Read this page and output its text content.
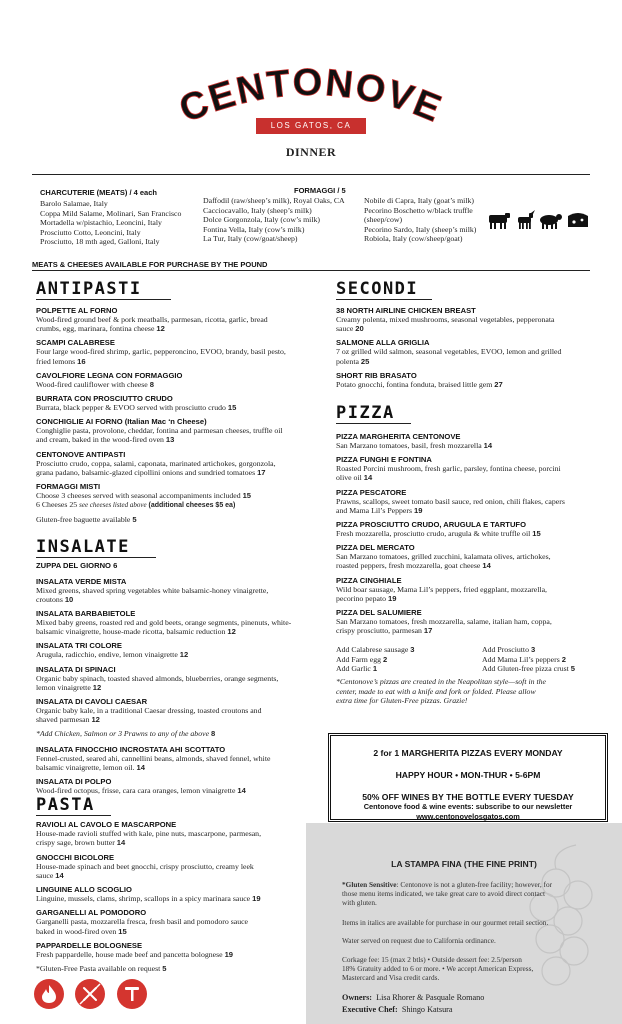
CENTONOVE
LOS GATOS, CA
DINNER
CHARCUTERIE (MEATS) / 4 each
Barolo Salamae, Italy
Coppa Mild Salame, Molinari, San Francisco
Mortadella w/pistachio, Leoncini, Italy
Prosciutto Cotto, Leoncini, Italy
Prosciutto, 18 mth aged, Galloni, Italy
FORMAGGI / 5
Daffodil (raw/sheep’s milk), Royal Oaks, CA
Cacciocavallo, Italy (sheep’s milk)
Dolce Gorgonzola, Italy (cow’s milk)
Fontina Vella, Italy (cow’s milk)
La Tur, Italy (cow/goat/sheep)
Nobile di Capra, Italy (goat’s milk)
Pecorino Boschetto w/black truffle
(sheep/cow)
Pecorino Sardo, Italy (sheep’s milk)
Robiola, Italy (cow/sheep/goat)
MEATS & CHEESES AVAILABLE FOR PURCHASE BY THE POUND
ANTIPASTI
POLPETTE AL FORNO
Wood-fired ground beef & pork meatballs, parmesan, ricotta, garlic, bread
crumbs, egg, marinara, fontina cheese 12
SCAMPI CALABRESE
Four large wood-fired shrimp, garlic, pepperoncino, EVOO, brandy, basil pesto,
fried lemons 16
CAVOLFIORE LEGNA CON FORMAGGIO
Wood-fired cauliflower with cheese 8
BURRATA CON PROSCIUTTO CRUDO
Burrata, black pepper & EVOO served with prosciutto crudo 15
CONCHIGLIE AI FORNO (Italian Mac ‘n Cheese)
Conghiglie pasta, provolone, cheddar, fontina and parmesan cheeses, truffle oil
and cream, baked in the wood-fired oven 13
CENTONOVE ANTIPASTI
Prosciutto crudo, coppa, salami, caponata, marinated artichokes, gorgonzola,
grana padano, balsamic-glazed cipollini onions and sundried tomatoes 17
FORMAGGI MISTI
Choose 3 cheeses served with seasonal accompaniments included 15
6 Cheeses 25 see cheeses listed above (additional cheeses $5 ea)
Gluten-free baguette available 5
INSALATE
ZUPPA DEL GIORNO 6
INSALATA VERDE MISTA
Mixed greens, shaved spring vegetables white balsamic-honey vinaigrette,
croutons 10
INSALATA BARBABIETOLE
Mixed baby greens, roasted red and gold beets, orange segments, pinenuts, white-
balsamic vinaigrette, house-made ricotta, balsamic reduction 12
INSALATA TRI COLORE
Arugula, radicchio, endive, lemon vinaigrette 12
INSALATA DI SPINACI
Organic baby spinach, toasted shaved almonds, blueberries, orange segments,
lemon vinaigrette 12
INSALATA DI CAVOLI CAESAR
Organic baby kale, in a traditional Caesar dressing, toasted croutons and
shaved parmesan 12
*Add Chicken, Salmon or 3 Prawns to any of the above 8
INSALATA FINOCCHIO INCROSTATA AHI SCOTTATO
Fennel-crusted, seared ahi, cannellini beans, almonds, shaved fennel, white
balsamic vinaigrette, lemon oil. 14
INSALATA DI POLPO
Wood-fired octopus, frisse, cara cara oranges, lemon vinaigrette 14
PASTA
RAVIOLI AL CAVOLO E MASCARPONE
House-made ravioli stuffed with kale, pine nuts, mascarpone, parmesan,
crispy sage, brown butter 14
GNOCCHI BICOLORE
House-made spinach and beet gnocchi, crispy prosciutto, creamy leek
sauce 14
LINGUINE ALLO SCOGLIO
Linguine, mussels, clams, shrimp, scallops in a spicy marinara sauce 19
GARGANELLI AL POMODORO
Garganelli pasta, mozzarella fresca, fresh basil and pomodoro sauce
baked in wood-fired oven 15
PAPPARDELLE BOLOGNESE
Fresh pappardelle, house made beef and pancetta bolognese 19
*Gluten-Free Pasta available on request 5
SECONDI
38 NORTH AIRLINE CHICKEN BREAST
Creamy polenta, mixed mushrooms, seasonal vegetables, pepperonata
sauce 20
SALMONE ALLA GRIGLIA
7 oz grilled wild salmon, seasonal vegetables, EVOO, lemon and grilled
polenta 25
SHORT RIB BRASATO
Potato gnocchi, fontina fonduta, braised little gem 27
PIZZA
PIZZA MARGHERITA CENTONOVE
San Marzano tomatoes, basil, fresh mozzarella 14
PIZZA FUNGHI E FONTINA
Roasted Porcini mushroom, fresh garlic, parsley, fontina cheese, porcini
olive oil 14
PIZZA PESCATORE
Prawns, scallops, sweet tomato basil sauce, red onion, chili flakes, capers
and Mama Lil’s Peppers 19
PIZZA PROSCIUTTO CRUDO, ARUGULA E TARTUFO
Fresh mozzarella, prosciutto crudo, arugula & white truffle oil 15
PIZZA DEL MERCATO
San Marzano tomatoes, grilled zucchini, kalamata olives, artichokes,
roasted peppers, fresh mozzarella, goat cheese 14
PIZZA CINGHIALE
Wild boar sausage, Mama Lil’s peppers, fried eggplant, mozzarella,
pecorino pepato 19
PIZZA DEL SALUMIERE
San Marzano tomatoes, fresh mozzarella, salame, italian ham, coppa,
crispy prosciutto, parmesan 17
Add Calabrese sausage 3
Add Farm egg 2
Add Garlic 1
Add Prosciutto 3
Add Mama Lil’s peppers 2
Add Gluten-free pizza crust 5
*Centonove’s pizzas are created in the Neapolitan style—soft in the
center, made to eat with a knife and fork or folded. Please allow
extra time for Gluten-Free pizzas. Grazie!
2 for 1 MARGHERITA PIZZAS EVERY MONDAY
HAPPY HOUR • MON-THUR • 5-6PM
50% OFF WINES BY THE BOTTLE EVERY TUESDAY
Centonove food & wine events: subscribe to our newsletter
www.centonovelosgatos.com
LA STAMPA FINA (THE FINE PRINT)
*Gluten Sensitive: Centonove is not a gluten-free facility; however, for
those menu items indicated, we take great care to avoid direct contact
with gluten.
Items in italics are available for purchase in our gourmet retail section.
Water served on request due to California ordinance.
Corkage fee: 15 (max 2 btls) • Outside dessert fee: 2.5/person
18% Gratuity added to 6 or more. • We accept American Express,
Mastercard and Visa credit cards.
Owners: Lisa Rhorer & Pasquale Romano
Executive Chef: Shingo Katsura
